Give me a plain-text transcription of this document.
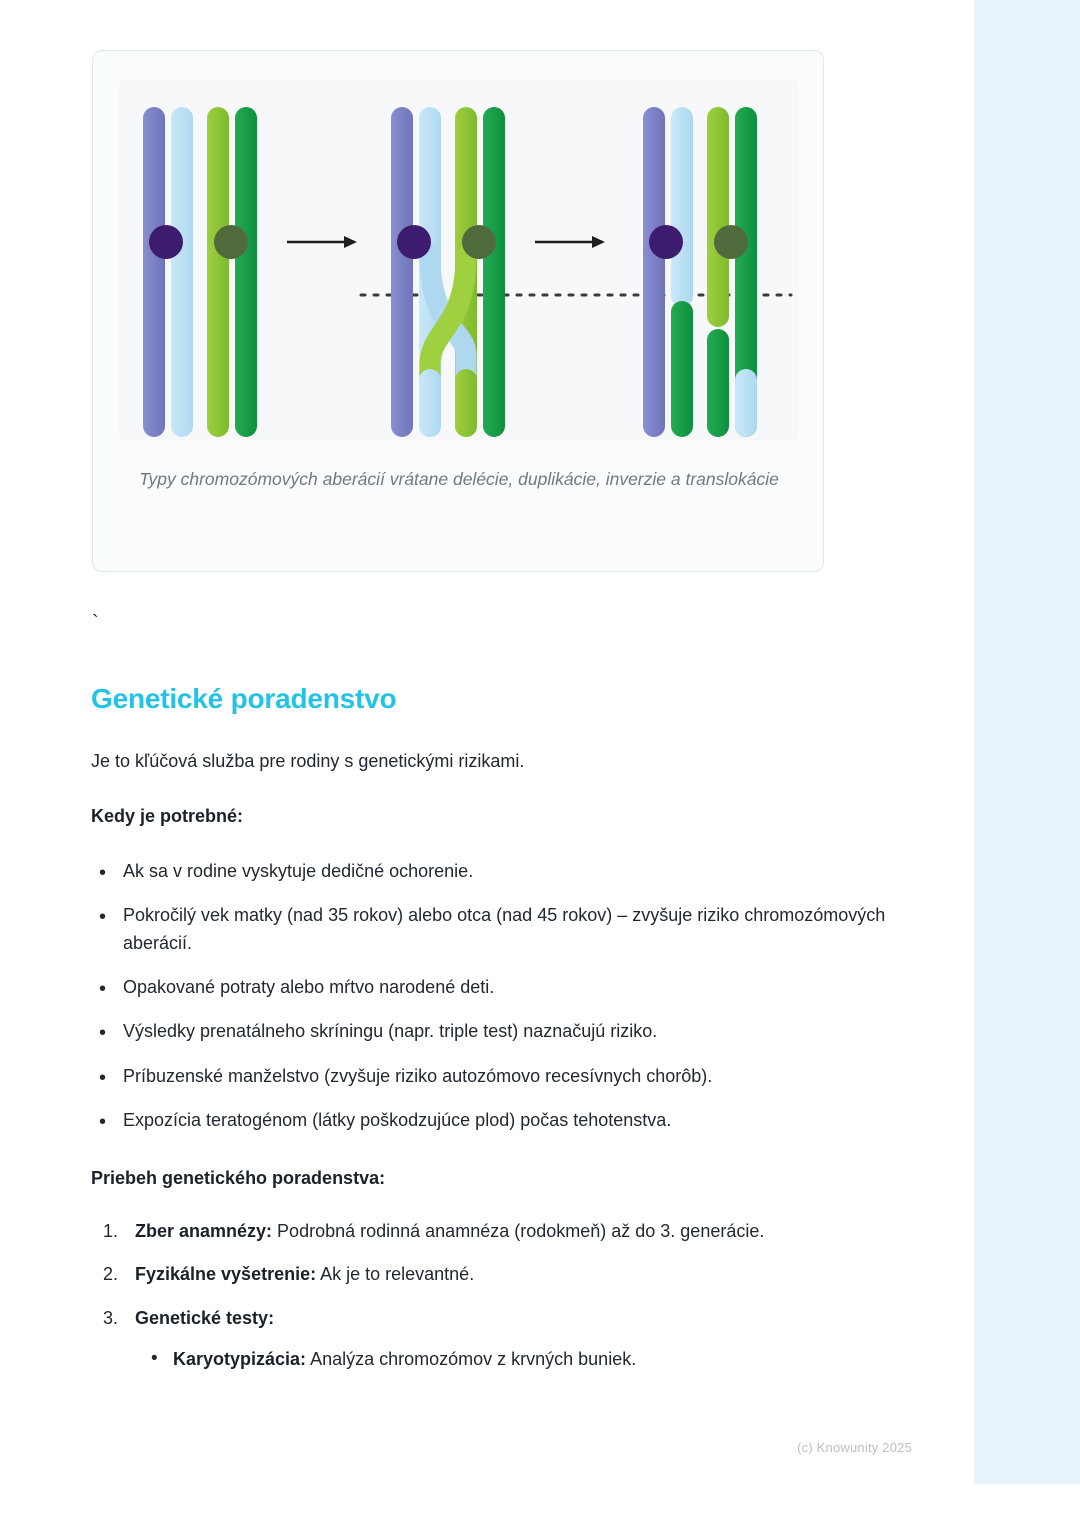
Typy chromozómových aberácií vrátane delécie, duplikácie, inverzie a translokácie
`
Genetické poradenstvo

Je to kľúčová služba pre rodiny s genetickými rizikami.

Kedy je potrebné:

• Ak sa v rodine vyskytuje dedičné ochorenie.
• Pokročilý vek matky (nad 35 rokov) alebo otca (nad 45 rokov) – zvyšuje riziko chromozómových aberácií.
• Opakované potraty alebo mŕtvo narodené deti.
• Výsledky prenatálneho skríningu (napr. triple test) naznačujú riziko.
• Príbuzenské manželstvo (zvyšuje riziko autozómovo recesívnych chorôb).
• Expozícia teratogénom (látky poškodzujúce plod) počas tehotenstva.

Priebeh genetického poradenstva:

Zber anamnézy: Podrobná rodinná anamnéza (rodokmeň) až do 3. generácie.
Fyzikálne vyšetrenie: Ak je to relevantné.
Genetické testy:
• Karyotypizácia: Analýza chromozómov z krvných buniek.
(c) Knowunity 2025
